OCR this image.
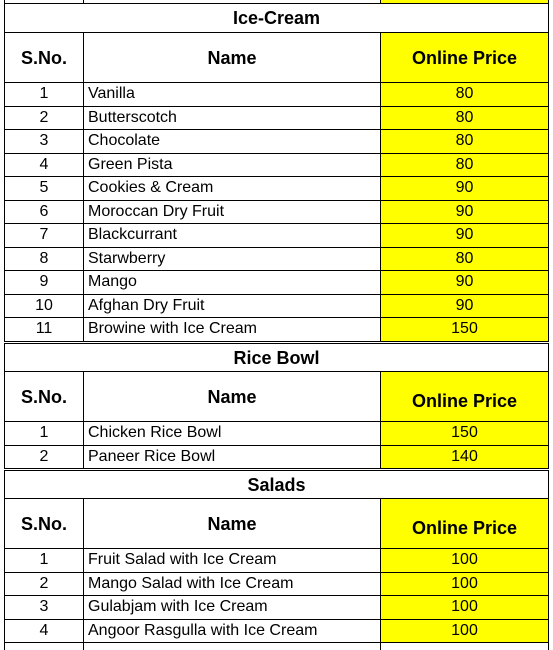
Ice-Cream
S.No.	Name	Online Price
1	Vanilla	80
2	Butterscotch	80
3	Chocolate	80
4	Green Pista	80
5	Cookies & Cream	90
6	Moroccan Dry Fruit	90
7	Blackcurrant	90
8	Starwberry	80
9	Mango	90
10	Afghan Dry Fruit	90
11	Browine with Ice Cream	150
Rice Bowl
S.No.	Name	Online Price
1	Chicken Rice Bowl	150
2	Paneer Rice Bowl	140
Salads
S.No.	Name	Online Price
1	Fruit Salad with Ice Cream	100
2	Mango Salad with Ice Cream	100
3	Gulabjam with Ice Cream	100
4	Angoor Rasgulla with Ice Cream	100
